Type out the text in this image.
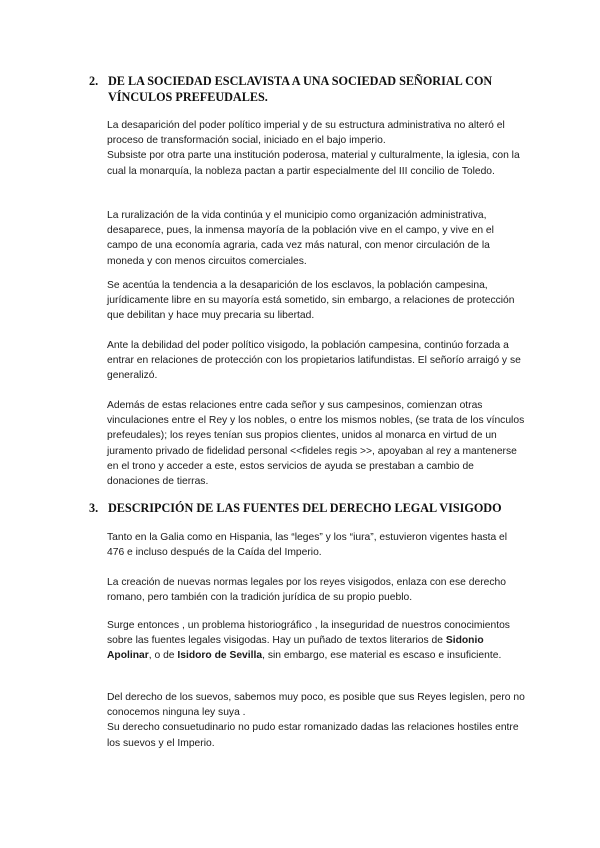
2. DE LA SOCIEDAD ESCLAVISTA A UNA SOCIEDAD SEÑORIAL CON VÍNCULOS PREFEUDALES.

La desaparición del poder político imperial y de su estructura administrativa no alteró el proceso de transformación social, iniciado en el bajo imperio.

Subsiste por otra parte una institución poderosa, material y culturalmente, la iglesia, con la cual la monarquía, la nobleza pactan a partir especialmente del III concilio de Toledo.

La ruralización de la vida continúa y el municipio como organización administrativa, desaparece, pues, la inmensa mayoría de la población vive en el campo, y vive en el campo de una economía agraria, cada vez más natural, con menor circulación de la moneda y con menos circuitos comerciales.

Se acentúa la tendencia a la desaparición de los esclavos, la población campesina, jurídicamente libre en su mayoría está sometido, sin embargo, a relaciones de protección que debilitan y hace muy precaria su libertad.

Ante la debilidad del poder político visigodo, la población campesina, continúo forzada a entrar en relaciones de protección con los propietarios latifundistas. El señorío arraigó y se generalizó.

Además de estas relaciones entre cada señor y sus campesinos, comienzan otras vinculaciones entre el Rey y los nobles, o entre los mismos nobles, (se trata de los vínculos prefeudales); los reyes tenían sus propios clientes, unidos al monarca en virtud de un juramento privado de fidelidad personal <<fideles regis >>, apoyaban al rey a mantenerse en el trono y acceder a este, estos servicios de ayuda se prestaban a cambio de donaciones de tierras.

3. DESCRIPCIÓN DE LAS FUENTES DEL DERECHO LEGAL VISIGODO

Tanto en la Galia como en Hispania, las “leges” y los “iura”, estuvieron vigentes hasta el 476 e incluso después de la Caída del Imperio.

La creación de nuevas normas legales por los reyes visigodos, enlaza con ese derecho romano, pero también con la tradición jurídica de su propio pueblo.

Surge entonces , un problema historiográfico , la inseguridad de nuestros conocimientos sobre las fuentes legales visigodas. Hay un puñado de textos literarios de Sidonio Apolinar, o de Isidoro de Sevilla, sin embargo, ese material es escaso e insuficiente.

Del derecho de los suevos, sabemos muy poco, es posible que sus Reyes legislen, pero no conocemos ninguna ley suya .

Su derecho consuetudinario no pudo estar romanizado dadas las relaciones hostiles entre los suevos y el Imperio.
